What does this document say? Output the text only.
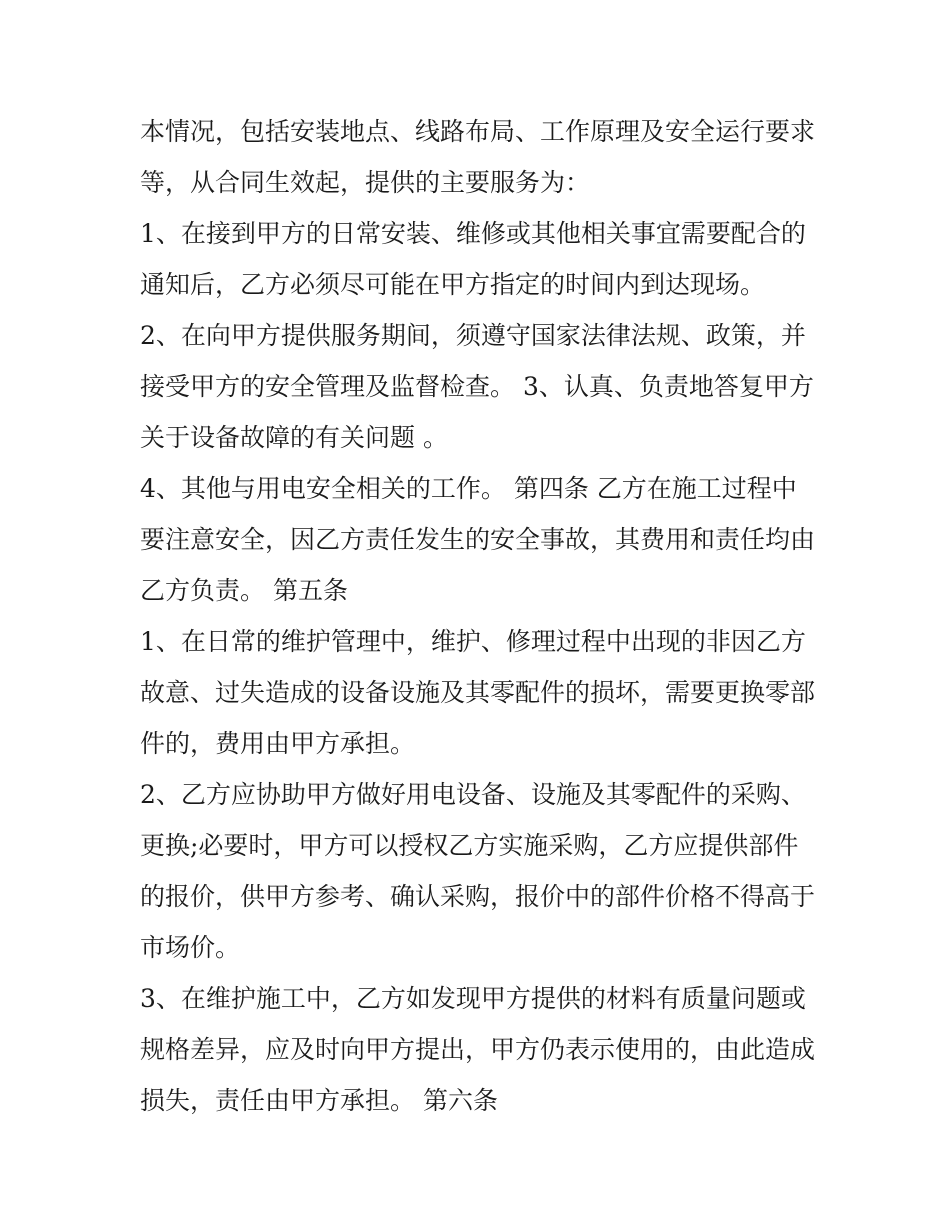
本情况，包括安装地点、线路布局、工作原理及安全运行要求
等，从合同生效起，提供的主要服务为：
1、在接到甲方的日常安装、维修或其他相关事宜需要配合的
通知后，乙方必须尽可能在甲方指定的时间内到达现场。
2、在向甲方提供服务期间，须遵守国家法律法规、政策，并
接受甲方的安全管理及监督检查。 3、认真、负责地答复甲方
关于设备故障的有关问题 。
4、其他与用电安全相关的工作。 第四条 乙方在施工过程中
要注意安全，因乙方责任发生的安全事故，其费用和责任均由
乙方负责。 第五条
1、在日常的维护管理中，维护、修理过程中出现的非因乙方
故意、过失造成的设备设施及其零配件的损坏，需要更换零部
件的，费用由甲方承担。
2、乙方应协助甲方做好用电设备、设施及其零配件的采购、
更换;必要时，甲方可以授权乙方实施采购，乙方应提供部件
的报价，供甲方参考、确认采购，报价中的部件价格不得高于
市场价。
3、在维护施工中，乙方如发现甲方提供的材料有质量问题或
规格差异，应及时向甲方提出，甲方仍表示使用的，由此造成
损失，责任由甲方承担。 第六条
